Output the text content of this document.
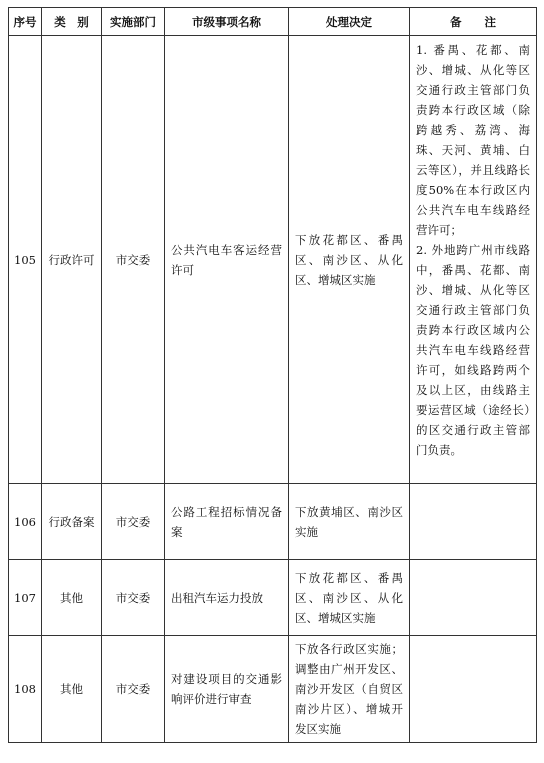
序号	类　别	实施部门	市级事项名称	处理决定	备　　注
105	行政许可	市交委	公共汽电车客运经营许可	下放花都区、番禺区、南沙区、从化区、增城区实施	1. 番禺、花都、南沙、增城、从化等区交通行政主管部门负责跨本行政区域（除跨越秀、荔湾、海珠、天河、黄埔、白云等区），并且线路长度50%在本行政区内公共汽车电车线路经营许可；

2. 外地跨广州市线路中，番禺、花都、南沙、增城、从化等区交通行政主管部门负责跨本行政区域内公共汽车电车线路经营许可，如线路跨两个及以上区，由线路主要运营区域（途经长）的区交通行政主管部门负责。

106	行政备案	市交委	公路工程招标情况备案	下放黄埔区、南沙区实施	
107	其他	市交委	出租汽车运力投放	下放花都区、番禺区、南沙区、从化区、增城区实施	
108	其他	市交委	对建设项目的交通影响评价进行审查	下放各行政区实施；调整由广州开发区、南沙开发区（自贸区南沙片区）、增城开发区实施	
